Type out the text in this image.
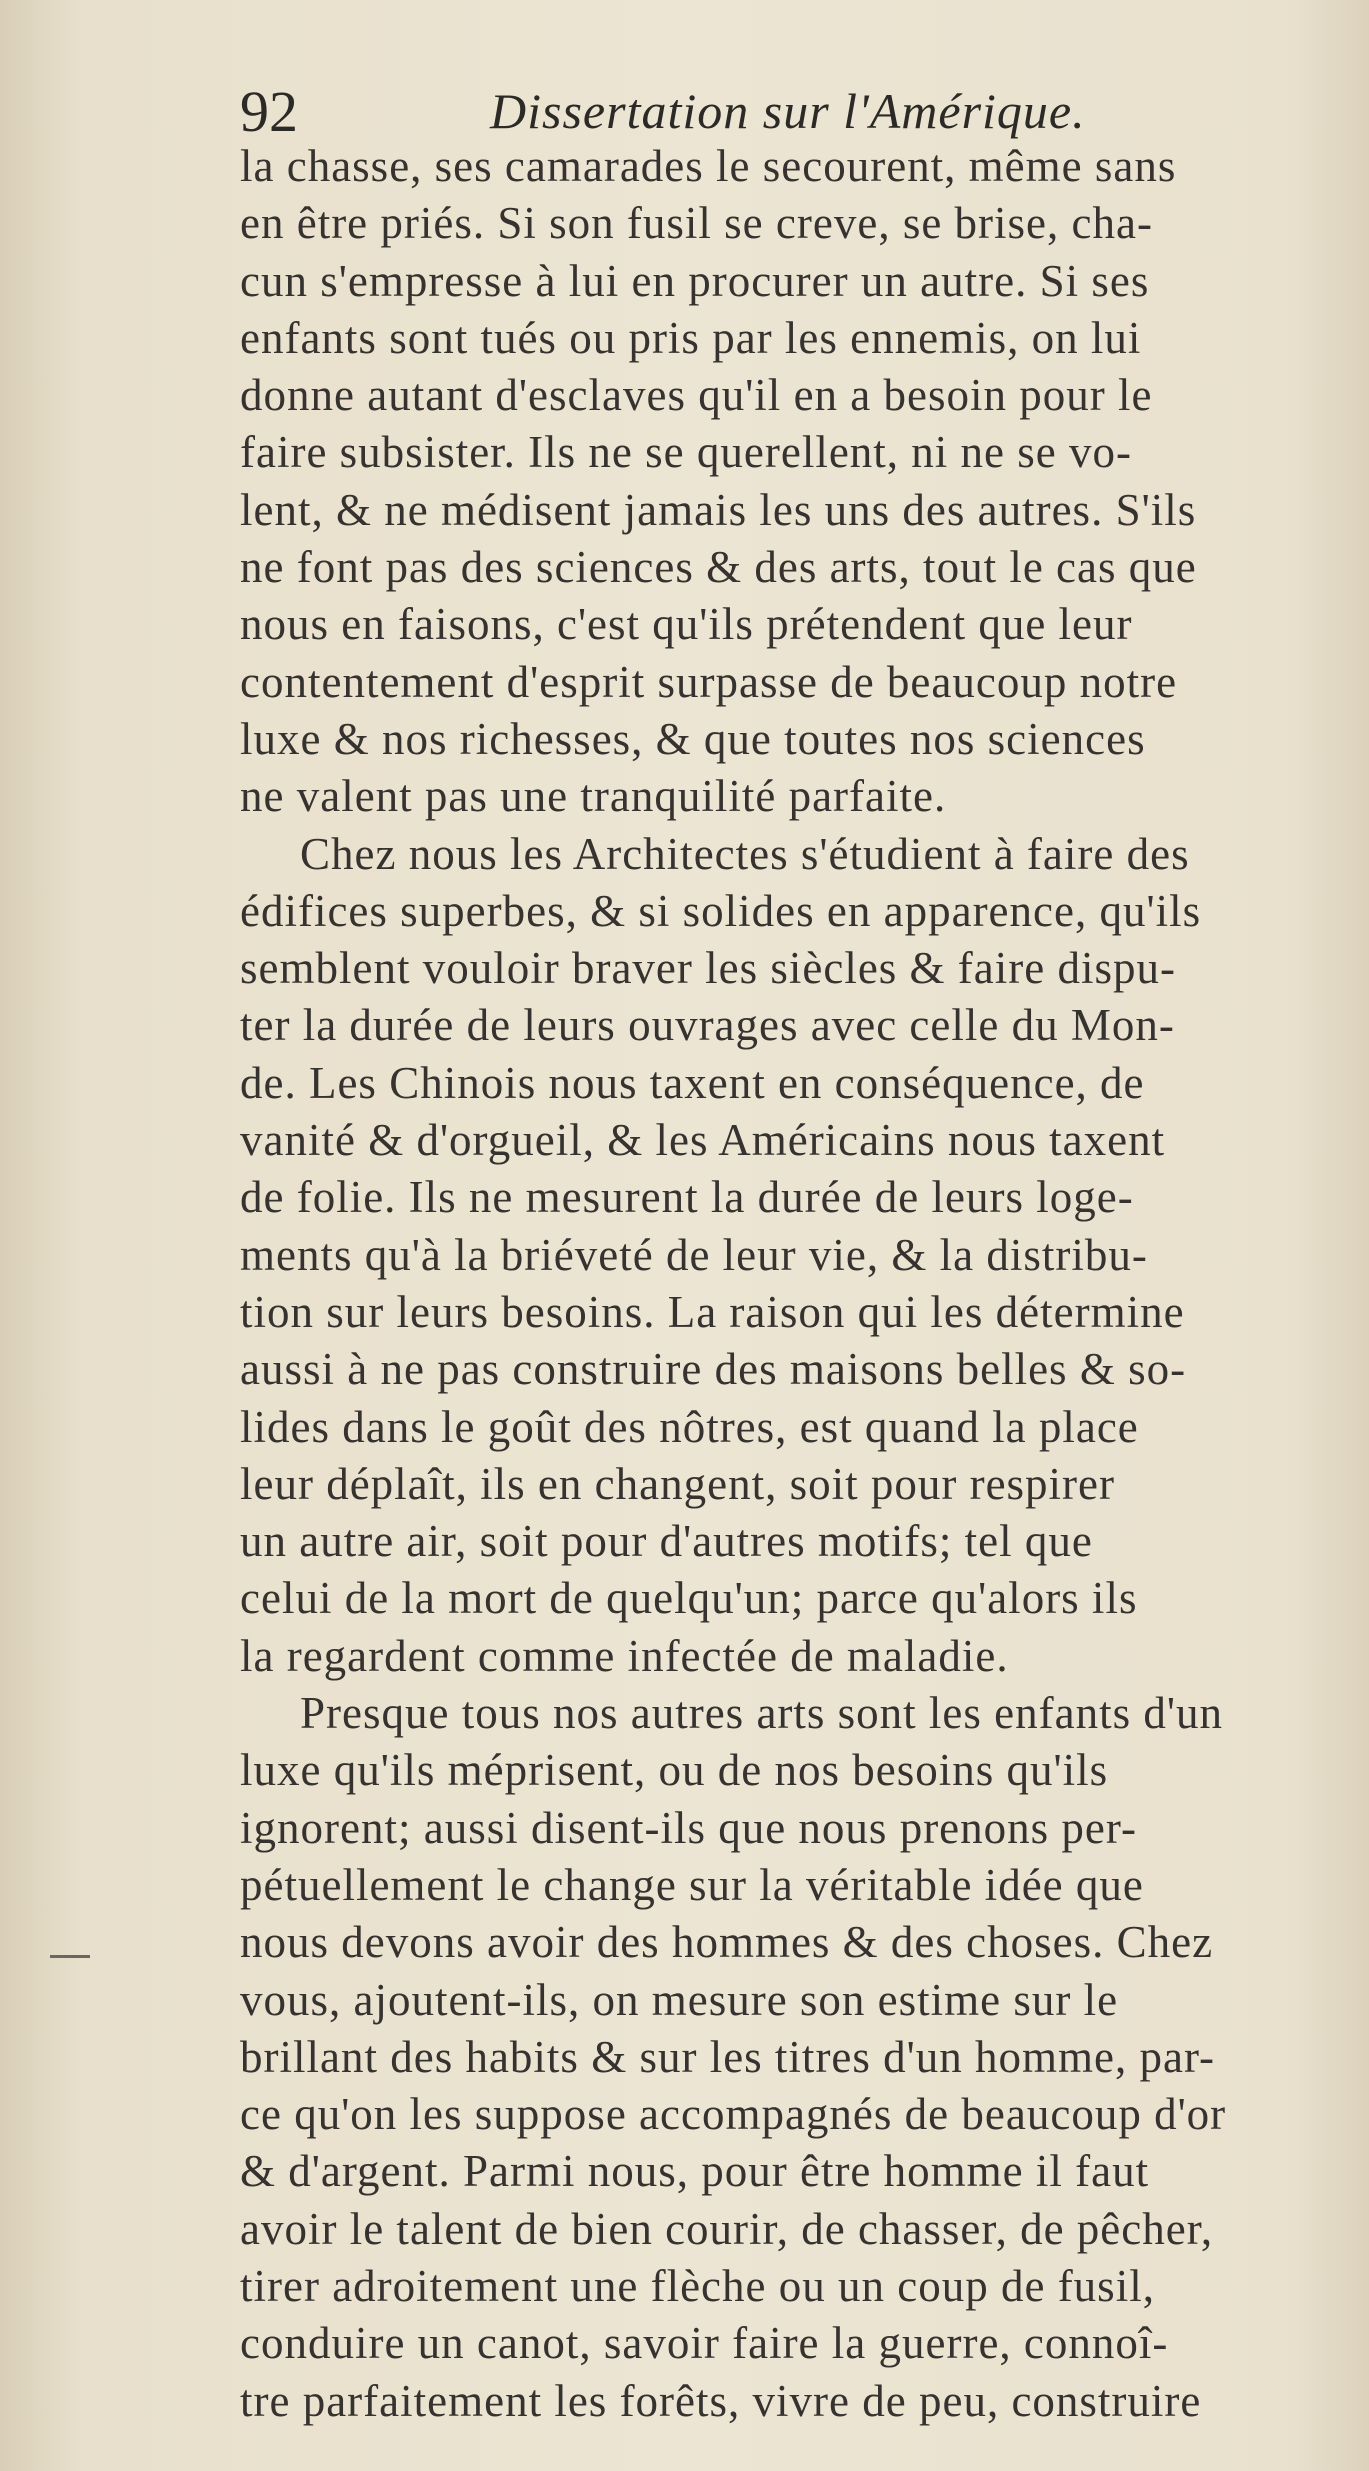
92	Dissertation sur l'Amérique.
la chasse, ses camarades le secourent, même sans
en être priés. Si son fusil se creve, se brise, cha-
cun s'empresse à lui en procurer un autre. Si ses
enfants sont tués ou pris par les ennemis, on lui
donne autant d'esclaves qu'il en a besoin pour le
faire subsister. Ils ne se querellent, ni ne se vo-
lent, & ne médisent jamais les uns des autres. S'ils
ne font pas des sciences & des arts, tout le cas que
nous en faisons, c'est qu'ils prétendent que leur
contentement d'esprit surpasse de beaucoup notre
luxe & nos richesses, & que toutes nos sciences
ne valent pas une tranquilité parfaite.
Chez nous les Architectes s'étudient à faire des
édifices superbes, & si solides en apparence, qu'ils
semblent vouloir braver les siècles & faire dispu-
ter la durée de leurs ouvrages avec celle du Mon-
de. Les Chinois nous taxent en conséquence, de
vanité & d'orgueil, & les Américains nous taxent
de folie. Ils ne mesurent la durée de leurs loge-
ments qu'à la briéveté de leur vie, & la distribu-
tion sur leurs besoins. La raison qui les détermine
aussi à ne pas construire des maisons belles & so-
lides dans le goût des nôtres, est quand la place
leur déplaît, ils en changent, soit pour respirer
un autre air, soit pour d'autres motifs; tel que
celui de la mort de quelqu'un; parce qu'alors ils
la regardent comme infectée de maladie.
Presque tous nos autres arts sont les enfants d'un
luxe qu'ils méprisent, ou de nos besoins qu'ils
ignorent; aussi disent-ils que nous prenons per-
pétuellement le change sur la véritable idée que
nous devons avoir des hommes & des choses. Chez
vous, ajoutent-ils, on mesure son estime sur le
brillant des habits & sur les titres d'un homme, par-
ce qu'on les suppose accompagnés de beaucoup d'or
& d'argent. Parmi nous, pour être homme il faut
avoir le talent de bien courir, de chasser, de pêcher,
tirer adroitement une flèche ou un coup de fusil,
conduire un canot, savoir faire la guerre, connoî-
tre parfaitement les forêts, vivre de peu, construire
